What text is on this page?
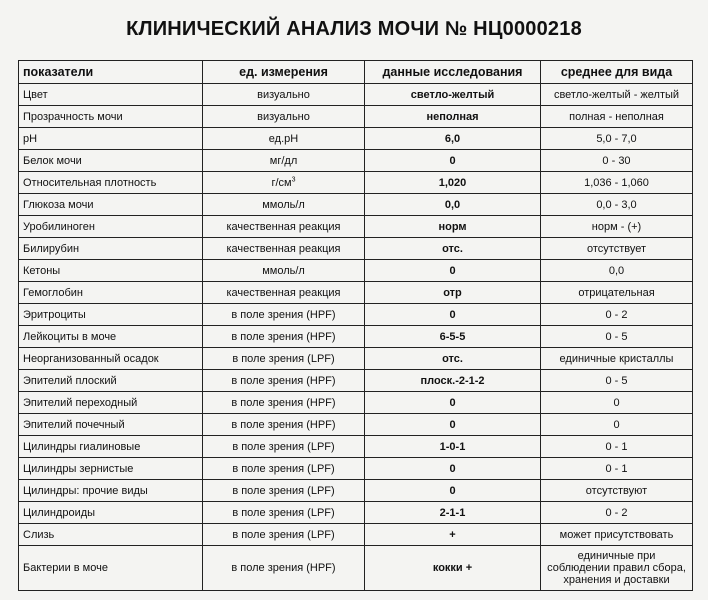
КЛИНИЧЕСКИЙ АНАЛИЗ МОЧИ № НЦ0000218
показатели	ед. измерения	данные исследования	среднее для вида
Цвет	визуально	светло-желтый	светло-желтый - желтый
Прозрачность мочи	визуально	неполная	полная - неполная
pH	ед.pH	6,0	5,0 - 7,0
Белок мочи	мг/дл	0	0 - 30
Относительная плотность	$г/см^3$	1,020	1,036 - 1,060
Глюкоза мочи	ммоль/л	0,0	0,0 - 3,0
Уробилиноген	качественная реакция	норм	норм - (+)
Билирубин	качественная реакция	отс.	отсутствует
Кетоны	ммоль/л	0	0,0
Гемоглобин	качественная реакция	отр	отрицательная
Эритроциты	в поле зрения (HPF)	0	0 - 2
Лейкоциты в моче	в поле зрения (HPF)	6-5-5	0 - 5
Неорганизованный осадок	в поле зрения (LPF)	отс.	единичные кристаллы
Эпителий плоский	в поле зрения (HPF)	плоск.-2-1-2	0 - 5
Эпителий переходный	в поле зрения (HPF)	0	0
Эпителий почечный	в поле зрения (HPF)	0	0
Цилиндры гиалиновые	в поле зрения (LPF)	1-0-1	0 - 1
Цилиндры зернистые	в поле зрения (LPF)	0	0 - 1
Цилиндры: прочие виды	в поле зрения (LPF)	0	отсутствуют
Цилиндроиды	в поле зрения (LPF)	2-1-1	0 - 2
Слизь	в поле зрения (LPF)	+	может присутствовать
Бактерии в моче	в поле зрения (HPF)	кокки +	единичные при соблюдении правил сбора, хранения и доставки
